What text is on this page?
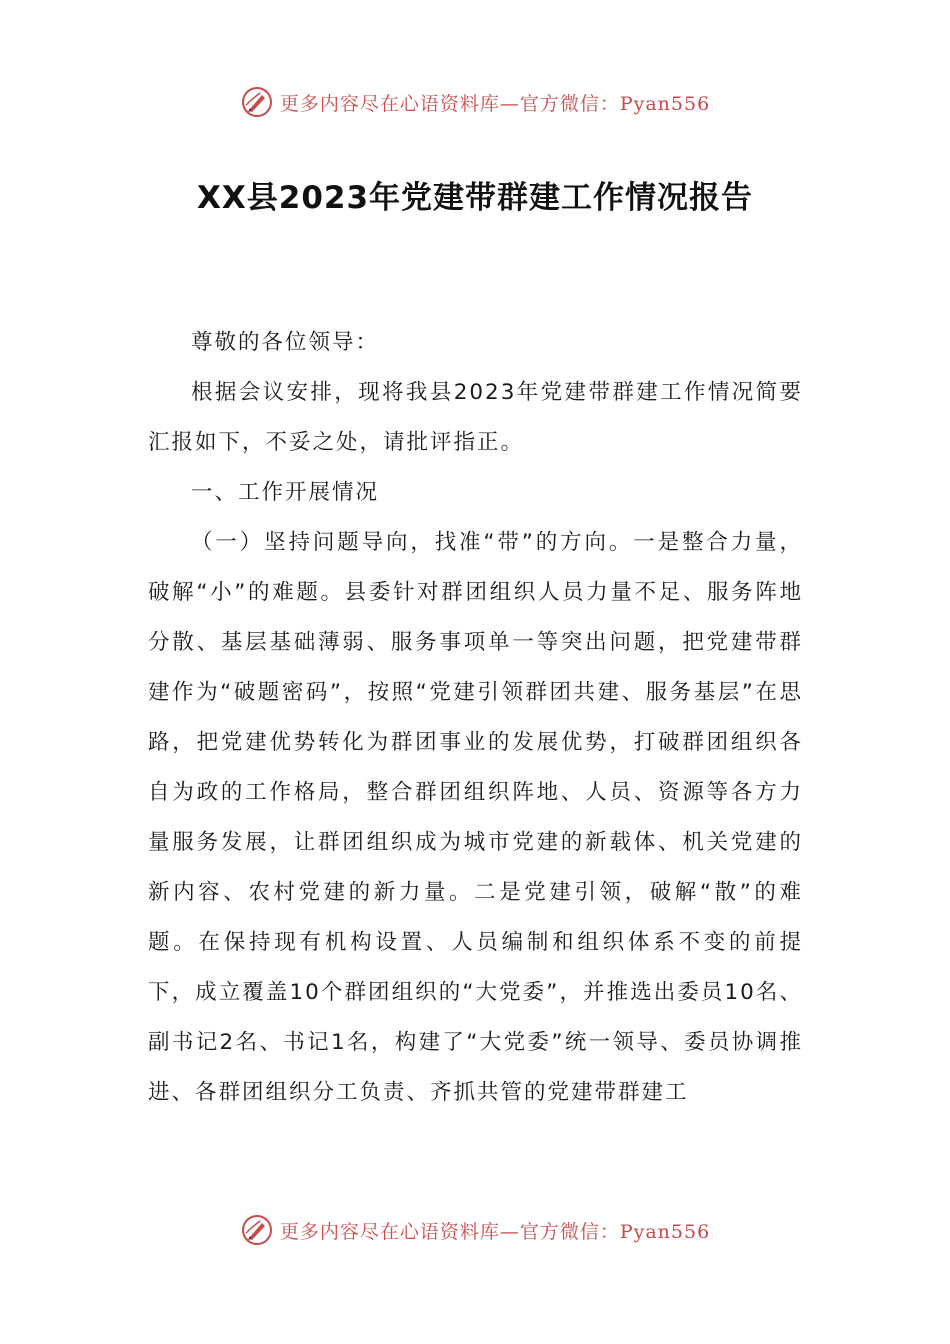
更多内容尽在心语资料库—官方微信：Pyan556
XX县2023年党建带群建工作情况报告

尊敬的各位领导：

根据会议安排，现将我县2023年党建带群建工作情况简要汇报如下，不妥之处，请批评指正。

一、工作开展情况

（一）坚持问题导向，找准“带”的方向。一是整合力量，破解“小”的难题。县委针对群团组织人员力量不足、服务阵地分散、基层基础薄弱、服务事项单一等突出问题，把党建带群建作为“破题密码”，按照“党建引领群团共建、服务基层”在思路，把党建优势转化为群团事业的发展优势，打破群团组织各自为政的工作格局，整合群团组织阵地、人员、资源等各方力量服务发展，让群团组织成为城市党建的新载体、机关党建的新内容、农村党建的新力量。二是党建引领，破解“散”的难题。在保持现有机构设置、人员编制和组织体系不变的前提下，成立覆盖10个群团组织的“大党委”，并推选出委员10名、副书记2名、书记1名，构建了“大党委”统一领导、委员协调推进、各群团组织分工负责、齐抓共管的党建带群建工

更多内容尽在心语资料库—官方微信：Pyan556
